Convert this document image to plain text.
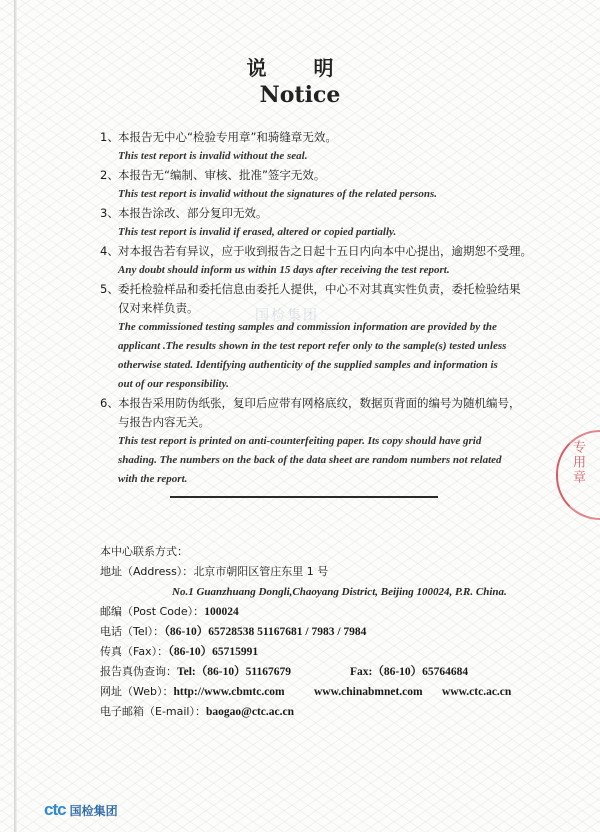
国检集团
说 明
Notice
1、 本报告无中心“检验专用章”和骑缝章无效。
This test report is invalid without the seal.
2、 本报告无“编制、审核、批准”签字无效。
This test report is invalid without the signatures of the related persons.
3、 本报告涂改、部分复印无效。
This test report is invalid if erased, altered or copied partially.
4、 对本报告若有异议，应于收到报告之日起十五日内向本中心提出，逾期恕不受理。
Any doubt should inform us within 15 days after receiving the test report.
5、 委托检验样品和委托信息由委托人提供，中心不对其真实性负责，委托检验结果
仅对来样负责。
The commissioned testing samples and commission information are provided by the
applicant .The results shown in the test report refer only to the sample(s) tested unless
otherwise stated. Identifying authenticity of the supplied samples and information is
out of our responsibility.
6、 本报告采用防伪纸张，复印后应带有网格底纹，数据页背面的编号为随机编号，
与报告内容无关。
This test report is printed on anti-counterfeiting paper. Its copy should have grid
shading. The numbers on the back of the data sheet are random numbers not related
with the report.
本中心联系方式：
地址（Address）：北京市朝阳区管庄东里 1 号
No.1 Guanzhuang Dongli,Chaoyang District, Beijing 100024, P.R. China.
邮编（Post Code）：100024
电话（Tel）：（86-10）65728538 51167681 / 7983 / 7984
传真（Fax）：（86-10）65715991
报告真伪查询：Tel:（86-10）51167679	Fax:（86-10）65764684
网址（Web）：http://www.cbmtc.com	www.chinabmnet.com www.ctc.ac.cn
电子邮箱（E-mail）：baogao@ctc.ac.cn
专用章
ctc 国检集团
